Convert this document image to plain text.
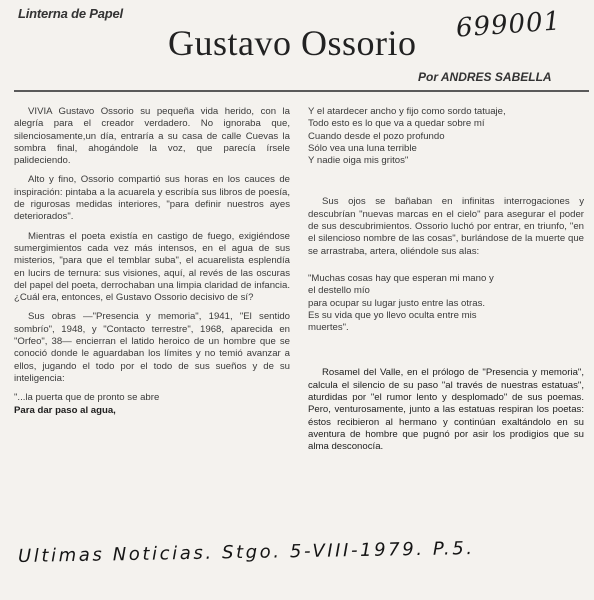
Linterna de Papel
Gustavo Ossorio 699001
Por ANDRES SABELLA

VIVIA Gustavo Ossorio su pequeña vida herido, con la alegría para el creador verdadero. No ignoraba que, silenciosamente,un día, entraría a su casa de calle Cuevas la sombra final, ahogándole la voz, que parecía írsele palideciendo.

Alto y fino, Ossorio compartió sus horas en los cauces de inspiración: pintaba a la acuarela y escribía sus libros de poesía, de rigurosas medidas interiores, "para definir nuestros ayes deteriorados".

Mientras el poeta existía en castigo de fuego, exigiéndose sumergimientos cada vez más intensos, en el agua de sus misterios, "para que el temblar suba", el acuarelista esplendía en lucirs de ternura: sus visiones, aquí, al revés de las oscuras del papel del poeta, derrochaban una limpia claridad de infancia. ¿Cuál era, entonces, el Gustavo Ossorio decisivo de sí?

Sus obras —"Presencia y memoria", 1941, "El sentido sombrío", 1948, y "Contacto terrestre", 1968, aparecida en "Orfeo", 38— encierran el latido heroico de un hombre que se conoció donde le aguardaban los límites y no temió avanzar a ellos, jugando el todo por el todo de sus sueños y de su inteligencia:

"...la puerta que de pronto se abre
Para dar paso al agua,
Y el atardecer ancho y fijo como sordo tatuaje,
Todo esto es lo que va a quedar sobre mí
Cuando desde el pozo profundo
Sólo vea una luna terrible
Y nadie oiga mis gritos"

Sus ojos se bañaban en infinitas interrogaciones y descubrían "nuevas marcas en el cielo" para asegurar el poder de sus descubrimientos. Ossorio luchó por entrar, en triunfo, "en el silencioso nombre de las cosas", burlándose de la muerte que se arrastraba, artera, oliéndole sus alas:

"Muchas cosas hay que esperan mi mano y
el destello mío
para ocupar su lugar justo entre las otras.
Es su vida que yo llevo oculta entre mis
muertes".

Rosamel del Valle, en el prólogo de "Presencia y memoria", calcula el silencio de su paso "al través de nuestras estatuas", aturdidas por "el rumor lento y desplomado" de sus poemas. Pero, venturosamente, junto a las estatuas respiran los poetas: éstos recibieron al hermano y continúan exaltándolo en su aventura de hombre que pugnó por asir los prodigios que su alma desconocía.

Ultimas Noticias. Stgo. 5-VIII-1979. P.5.
